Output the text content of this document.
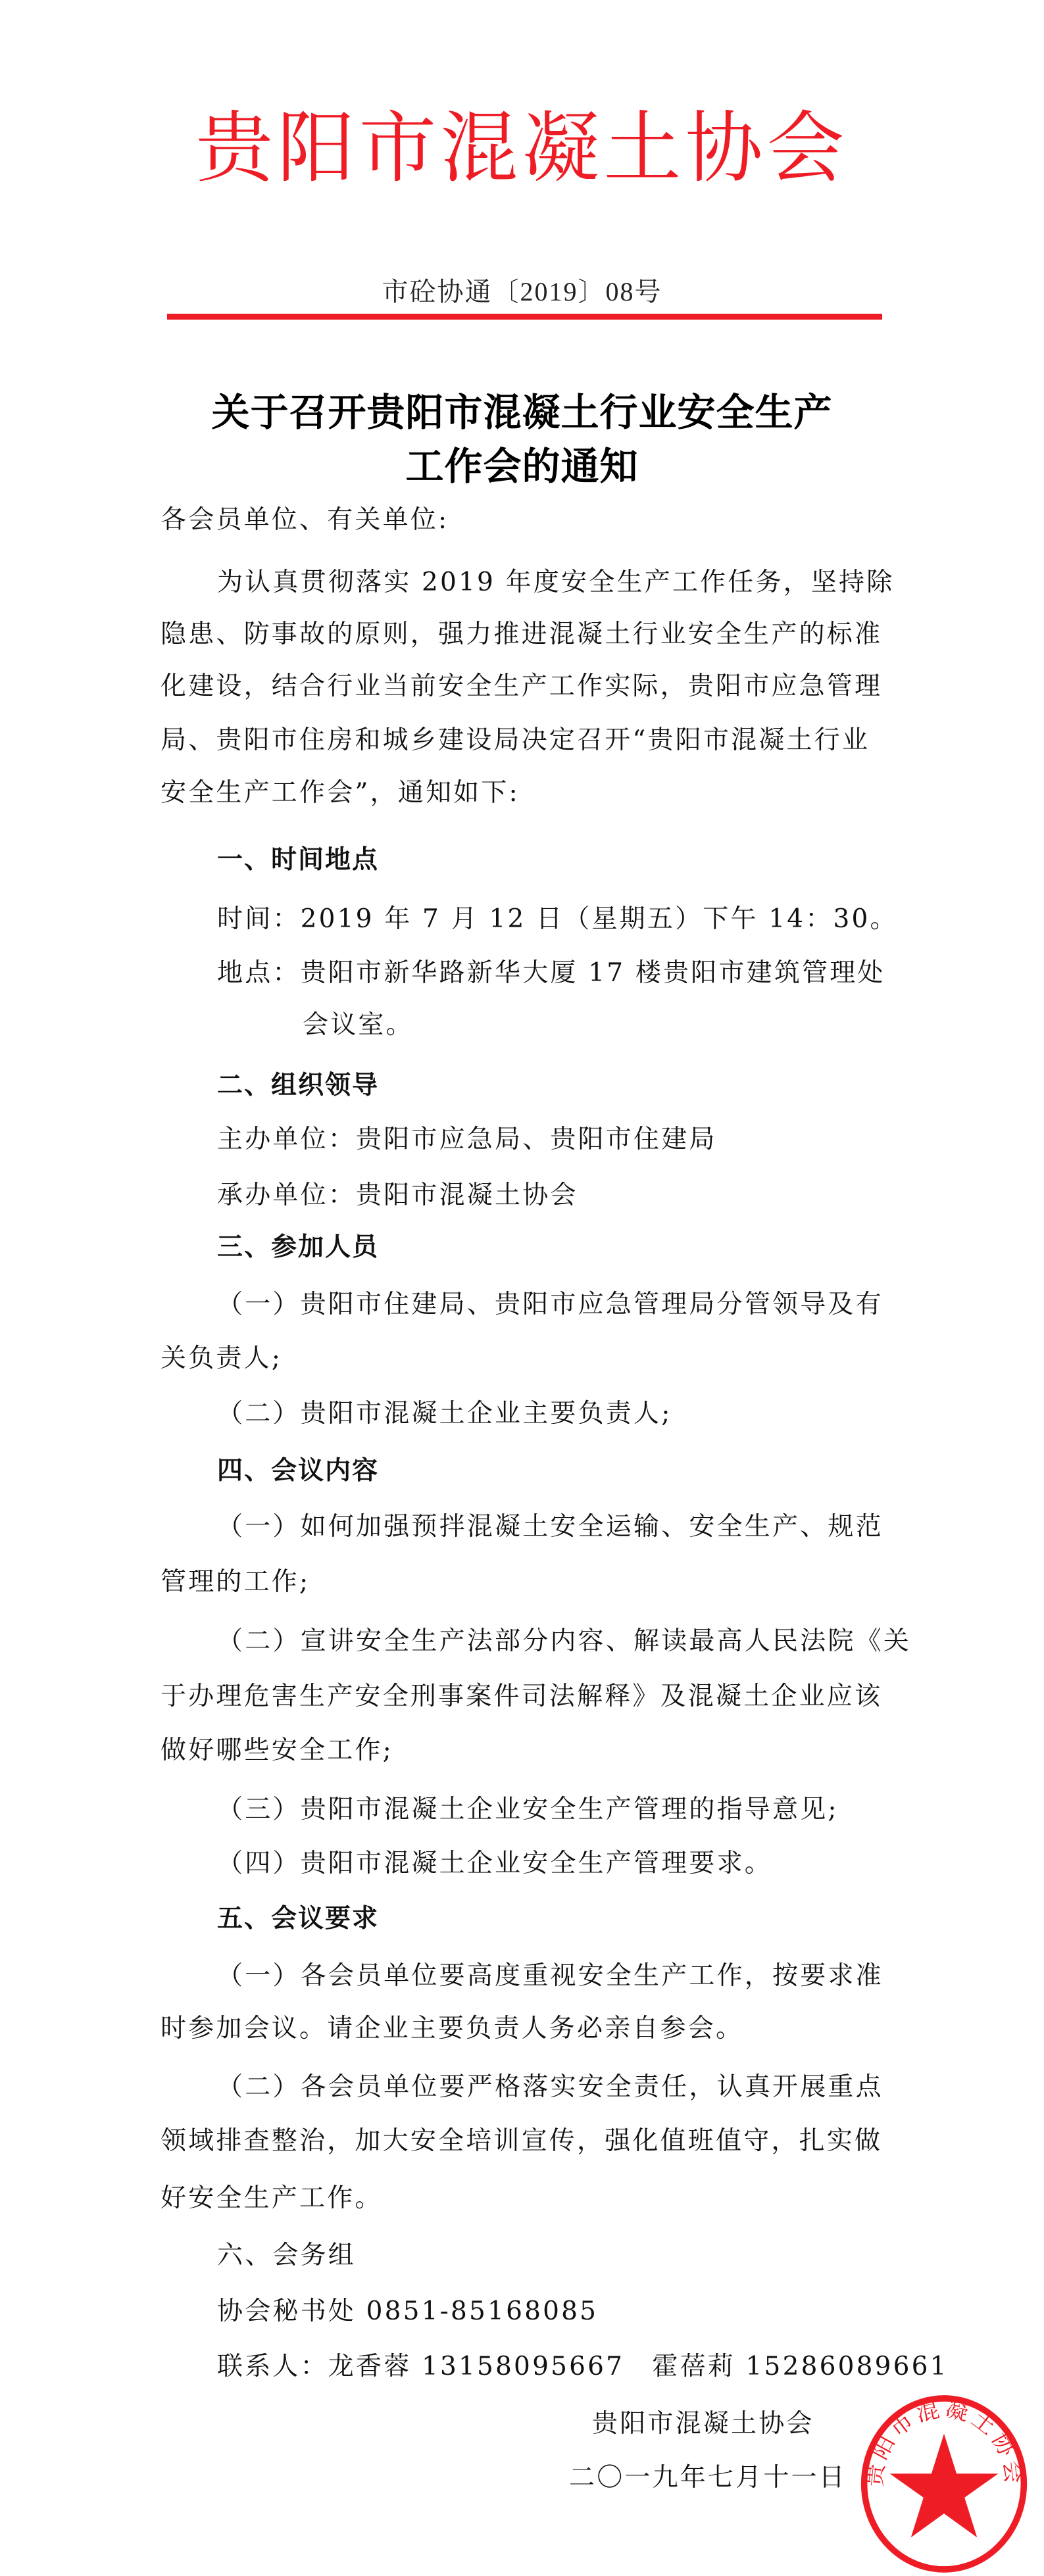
贵阳市混凝土协会
市砼协通〔2019〕08号
关于召开贵阳市混凝土行业安全生产
工作会的通知
各会员单位、有关单位:
为认真贯彻落实 2019 年度安全生产工作任务，坚持除
隐患、防事故的原则，强力推进混凝土行业安全生产的标准
化建设，结合行业当前安全生产工作实际，贵阳市应急管理
局、贵阳市住房和城乡建设局决定召开“贵阳市混凝土行业
安全生产工作会”，通知如下:
一、时间地点
时间：2019 年 7 月 12 日（星期五）下午 14：30。
地点：贵阳市新华路新华大厦 17 楼贵阳市建筑管理处
会议室。
二、组织领导
主办单位：贵阳市应急局、贵阳市住建局
承办单位：贵阳市混凝土协会
三、参加人员
（一）贵阳市住建局、贵阳市应急管理局分管领导及有
关负责人;
（二）贵阳市混凝土企业主要负责人;
四、会议内容
（一）如何加强预拌混凝土安全运输、安全生产、规范
管理的工作;
（二）宣讲安全生产法部分内容、解读最高人民法院《关
于办理危害生产安全刑事案件司法解释》及混凝土企业应该
做好哪些安全工作;
（三）贵阳市混凝土企业安全生产管理的指导意见;
（四）贵阳市混凝土企业安全生产管理要求。
五、会议要求
（一）各会员单位要高度重视安全生产工作，按要求准
时参加会议。请企业主要负责人务必亲自参会。
（二）各会员单位要严格落实安全责任，认真开展重点
领域排查整治，加大安全培训宣传，强化值班值守，扎实做
好安全生产工作。
六、会务组
协会秘书处 0851-85168085
联系人：龙香蓉 13158095667　霍蓓莉 15286089661
贵阳市混凝土协会
二〇一九年七月十一日 贵阳市混凝土协会
